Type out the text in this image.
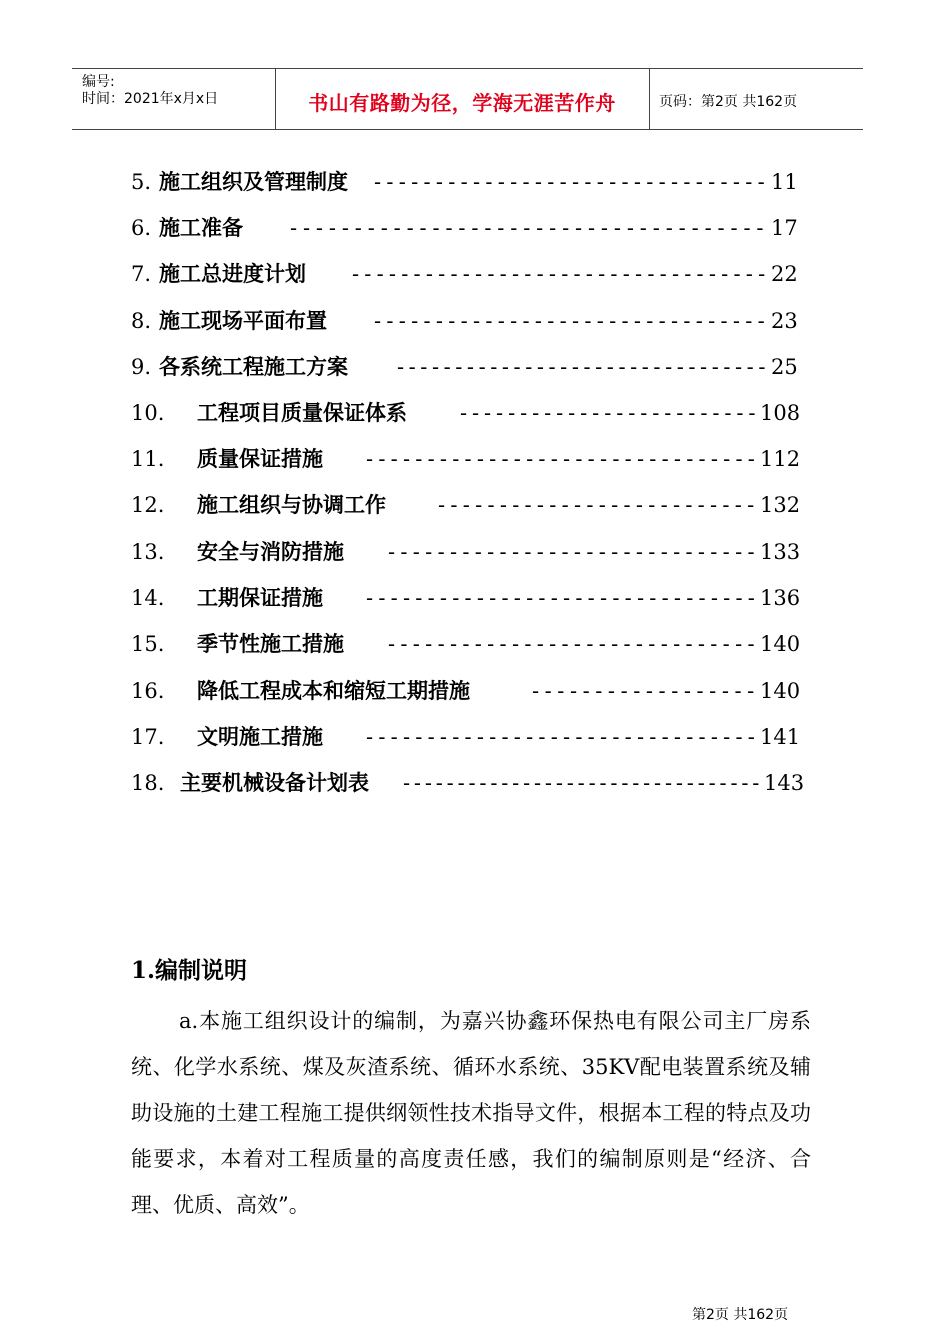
编号:
时间：2021年x月x日	书山有路勤为径，学海无涯苦作舟	页码：第2页 共162页
5. 施工组织及管理制度 -------------------------------- 11
6. 施工准备 ------------------------------------- 17
7. 施工总进度计划 ---------------------------------- 22
8. 施工现场平面布置 -------------------------------- 23
9. 各系统工程施工方案 -------------------------------- 25
10. 工程项目质量保证体系	------------------------- 108
11. 质量保证措施 -------------------------------- 112
12. 施工组织与协调工作 -------------------------- 132
13. 安全与消防措施 ------------------------------ 133
14. 工期保证措施 -------------------------------- 136
15. 季节性施工措施 ------------------------------ 140
16. 降低工程成本和缩短工期措施	------------------ 140
17. 文明施工措施 -------------------------------- 141
18. 主要机械设备计划表 --------------------------------- 143
1.编制说明
a.本施工组织设计的编制，为嘉兴协鑫环保热电有限公司主厂房系统、化学水系统、煤及灰渣系统、循环水系统、35KV配电装置系统及辅助设施的土建工程施工提供纲领性技术指导文件，根据本工程的特点及功能要求，本着对工程质量的高度责任感，我们的编制原则是“经济、合理、优质、高效”。
第2页 共162页
